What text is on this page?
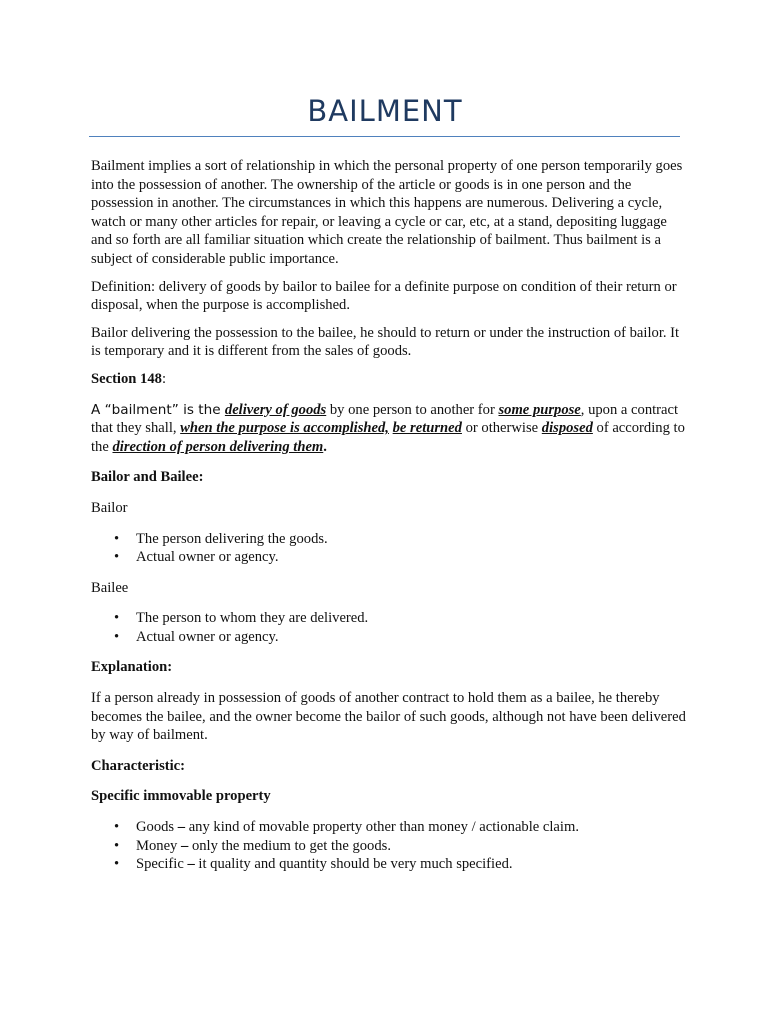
BAILMENT

Bailment implies a sort of relationship in which the personal property of one person temporarily goes into the possession of another. The ownership of the article or goods is in one person and the possession in another. The circumstances in which this happens are numerous. Delivering a cycle, watch or many other articles for repair, or leaving a cycle or car, etc, at a stand, depositing luggage and so forth are all familiar situation which create the relationship of bailment. Thus bailment is a subject of considerable public importance.

Definition: delivery of goods by bailor to bailee for a definite purpose on condition of their return or disposal, when the purpose is accomplished.

Bailor delivering the possession to the bailee, he should to return or under the instruction of bailor. It is temporary and it is different from the sales of goods.

Section 148:

A “bailment” is the delivery of goods by one person to another for some purpose, upon a contract that they shall, when the purpose is accomplished, be returned or otherwise disposed of according to the direction of person delivering them.

Bailor and Bailee:

Bailor

• The person delivering the goods.
• Actual owner or agency.

Bailee

• The person to whom they are delivered.
• Actual owner or agency.

Explanation:

If a person already in possession of goods of another contract to hold them as a bailee, he thereby becomes the bailee, and the owner become the bailor of such goods, although not have been delivered by way of bailment.

Characteristic:

Specific immovable property

• Goods – any kind of movable property other than money / actionable claim.
• Money – only the medium to get the goods.
• Specific – it quality and quantity should be very much specified.
